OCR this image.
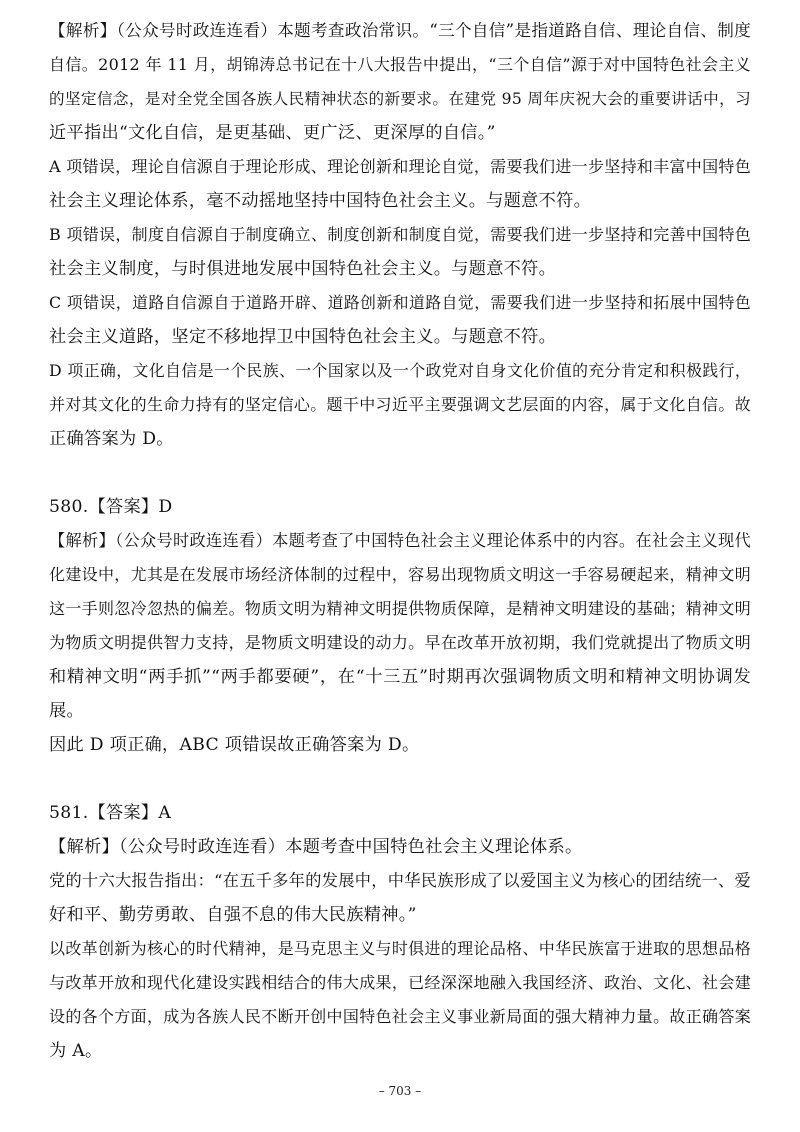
【解析】（公众号时政连连看）本题考查政治常识。“三个自信”是指道路自信、理论自信、制度
自信。2012 年 11 月，胡锦涛总书记在十八大报告中提出，“三个自信”源于对中国特色社会主义
的坚定信念，是对全党全国各族人民精神状态的新要求。在建党 95 周年庆祝大会的重要讲话中，习
近平指出“文化自信，是更基础、更广泛、更深厚的自信。”
A 项错误，理论自信源自于理论形成、理论创新和理论自觉，需要我们进一步坚持和丰富中国特色
社会主义理论体系，毫不动摇地坚持中国特色社会主义。与题意不符。
B 项错误，制度自信源自于制度确立、制度创新和制度自觉，需要我们进一步坚持和完善中国特色
社会主义制度，与时俱进地发展中国特色社会主义。与题意不符。
C 项错误，道路自信源自于道路开辟、道路创新和道路自觉，需要我们进一步坚持和拓展中国特色
社会主义道路，坚定不移地捍卫中国特色社会主义。与题意不符。
D 项正确，文化自信是一个民族、一个国家以及一个政党对自身文化价值的充分肯定和积极践行，
并对其文化的生命力持有的坚定信心。题干中习近平主要强调文艺层面的内容，属于文化自信。故
正确答案为 D。
580.【答案】D
【解析】（公众号时政连连看）本题考查了中国特色社会主义理论体系中的内容。在社会主义现代
化建设中，尤其是在发展市场经济体制的过程中，容易出现物质文明这一手容易硬起来，精神文明
这一手则忽冷忽热的偏差。物质文明为精神文明提供物质保障，是精神文明建设的基础；精神文明
为物质文明提供智力支持，是物质文明建设的动力。早在改革开放初期，我们党就提出了物质文明
和精神文明“两手抓”“两手都要硬”，在“十三五”时期再次强调物质文明和精神文明协调发
展。
因此 D 项正确，ABC 项错误故正确答案为 D。
581.【答案】A
【解析】（公众号时政连连看）本题考查中国特色社会主义理论体系。
党的十六大报告指出：“在五千多年的发展中，中华民族形成了以爱国主义为核心的团结统一、爱
好和平、勤劳勇敢、自强不息的伟大民族精神。”
以改革创新为核心的时代精神，是马克思主义与时俱进的理论品格、中华民族富于进取的思想品格
与改革开放和现代化建设实践相结合的伟大成果，已经深深地融入我国经济、政治、文化、社会建
设的各个方面，成为各族人民不断开创中国特色社会主义事业新局面的强大精神力量。故正确答案
为 A。
– 703 –
